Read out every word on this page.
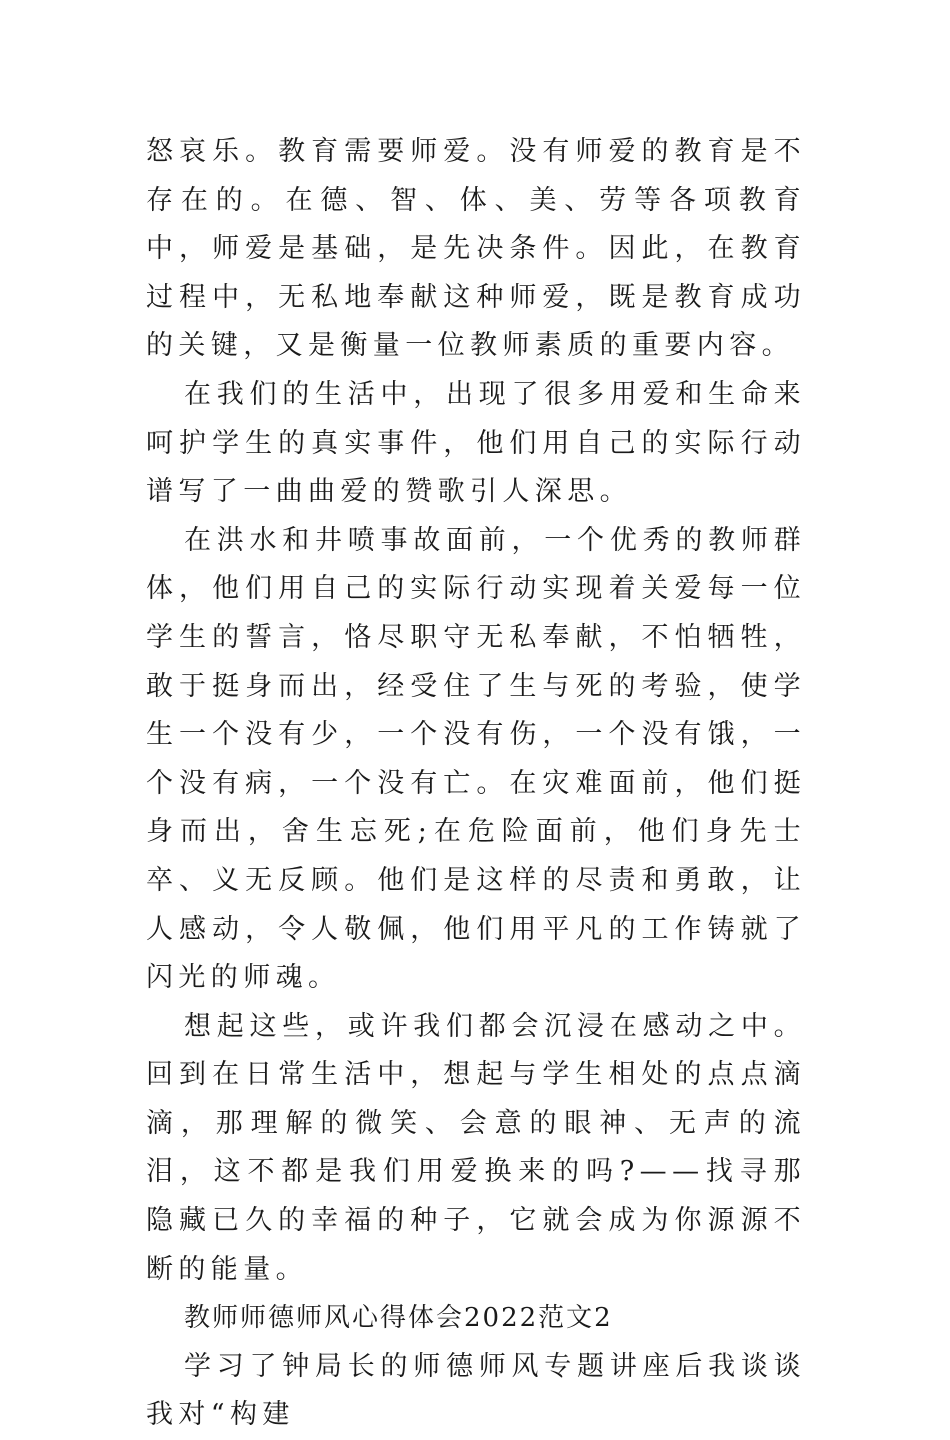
怒哀乐。教育需要师爱。没有师爱的教育是不存在的。在德、智、体、美、劳等各项教育中，师爱是基础，是先决条件。因此，在教育过程中，无私地奉献这种师爱，既是教育成功的关键，又是衡量一位教师素质的重要内容。

在我们的生活中，出现了很多用爱和生命来呵护学生的真实事件，他们用自己的实际行动谱写了一曲曲爱的赞歌引人深思。

在洪水和井喷事故面前，一个优秀的教师群体，他们用自己的实际行动实现着关爱每一位学生的誓言，恪尽职守无私奉献，不怕牺牲，敢于挺身而出，经受住了生与死的考验，使学生一个没有少，一个没有伤，一个没有饿，一个没有病，一个没有亡。在灾难面前，他们挺身而出，舍生忘死;在危险面前，他们身先士卒、义无反顾。他们是这样的尽责和勇敢，让人感动，令人敬佩，他们用平凡的工作铸就了闪光的师魂。

想起这些，或许我们都会沉浸在感动之中。回到在日常生活中，想起与学生相处的点点滴滴，那理解的微笑、会意的眼神、无声的流泪，这不都是我们用爱换来的吗?——找寻那隐藏已久的幸福的种子，它就会成为你源源不断的能量。

教师师德师风心得体会2022范文2

学习了钟局长的师德师风专题讲座后我谈谈我对“构建
